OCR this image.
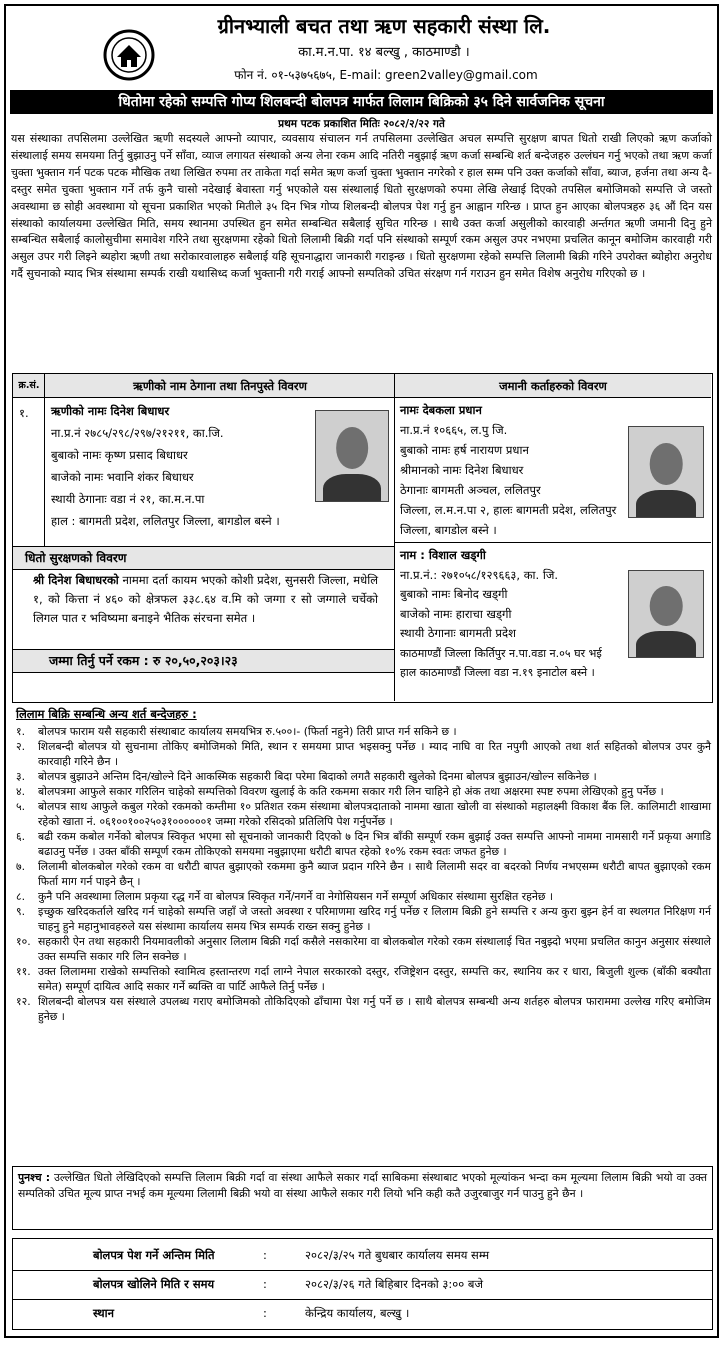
ग्रीनभ्याली बचत तथा ऋण सहकारी संस्था लि.
का.म.न.पा. १४ बल्खु , काठमाण्डौ ।
फोन नं. ०१-५३७५६७५, E-mail: green2valley@gmail.com
धितोमा रहेको सम्पत्ति गोप्य शिलबन्दी बोलपत्र मार्फत लिलाम बिक्रिको ३५ दिने सार्वजनिक सूचना
प्रथम पटक प्रकाशित मितिः २०८२/२/२२ गते
यस संस्थाका तपसिलमा उल्लेखित ऋणी सदस्यले आफ्नो व्यापार, व्यवसाय संचालन गर्न तपसिलमा उल्लेखित अचल सम्पत्ति सुरक्षण बापत धितो राखी लिएको ऋण कर्जाको संस्थालाई समय समयमा तिर्नु बुझाउनु पर्ने साँवा, व्याज लगायत संस्थाको अन्य लेना रकम आदि नतिरी नबुझाई ऋण कर्जा सम्बन्धि शर्त बन्देजहरु उल्लंघन गर्नु भएको तथा ऋण कर्जा चुक्ता भुक्तान गर्न पटक पटक मौखिक तथा लिखित रुपमा तर ताकेता गर्दा समेत ऋण कर्जा चुक्ता भुक्तान नगरेको र हाल सम्म पनि उक्त कर्जाको साँवा, ब्याज, हर्जना तथा अन्य दै-दस्तुर समेत चुक्ता भुक्तान गर्ने तर्फ कुनै चासो नदेखाई बेवास्ता गर्नु भएकोले यस संस्थालाई धितो सुरक्षणको रुपमा लेखि लेखाई दिएको तपसिल बमोजिमको सम्पत्ति जे जस्तो अवस्थामा छ सोही अवस्थामा यो सूचना प्रकाशित भएको मितीले ३५ दिन भित्र गोप्य शिलबन्दी बोलपत्र पेश गर्नु हुन आह्वान गरिन्छ । प्राप्त हुन आएका बोलपत्रहरु ३६ औं दिन यस संस्थाको कार्यालयमा उल्लेखित मिति, समय स्थानमा उपस्थित हुन समेत सम्बन्धित सबैलाई सुचित गरिन्छ । साथै उक्त कर्जा असुलीको कारवाही अर्न्तगत ऋणी जमानी दिनु हुने सम्बन्धित सबैलाई कालोसुचीमा समावेश गरिने तथा सुरक्षणमा रहेको धितो लिलामी बिक्री गर्दा पनि संस्थाको सम्पूर्ण रकम असुल उपर नभएमा प्रचलित कानून बमोजिम कारवाही गरी असुल उपर गरी लिइने ब्यहोरा ऋणी तथा सरोकारवालाहरु सबैलाई यहि सूचनाद्धारा जानकारी गराइन्छ । धितो सुरक्षणमा रहेको सम्पत्ति लिलामी बिक्री गरिने उपरोक्त ब्योहोरा अनुरोध गर्दै सुचनाको म्याद भित्र संस्थामा सम्पर्क राखी यथासिध्द कर्जा भुक्तानी गरी गराई आफ्नो सम्पतिको उचित संरक्षण गर्न गराउन हुन समेत विशेष अनुरोध गरिएको छ ।
क्र.सं.	ऋणीको नाम ठेगाना तथा तिनपुस्ते विवरण	जमानी कर्ताहरुको विवरण
१. ऋणीको नामः दिनेश बिधाधर
ना.प्र.नं २७८५/२९८/२९७/२१२११, का.जि.
बुबाको नामः कृष्ण प्रसाद बिधाधर
बाजेको नामः भवानि शंकर बिधाधर
स्थायी ठेगानाः वडा नं २१, का.म.न.पा
हाल : बागमती प्रदेश, ललितपुर जिल्ला, बागडोल बस्ने ।
धितो सुरक्षणको विवरण
श्री दिनेश बिधाधरको नाममा दर्ता कायम भएको कोशी प्रदेश, सुनसरी जिल्ला, मधेलि १, को कित्ता नं ४६० को क्षेत्रफल ३३८.६४ व.मि को जग्गा र सो जग्गाले चर्चेको लिगल पात र भविष्यमा बनाइने भैतिक संरचना समेत ।
जम्मा तिर्नु पर्ने रकम : रु २०,५०,२०३।२३
नामः देबकला प्रधान
ना.प्र.नं १०६६५, ल.पु जि.
बुबाको नामः हर्ष नारायण प्रधान
श्रीमानको नामः दिनेश बिधाधर
ठेगानाः बागमती अञ्चल, ललितपुर
जिल्ला, ल.म.न.पा २, हालः बागमती प्रदेश, ललितपुर
जिल्ला, बागडोल बस्ने ।
नाम : विशाल खड्गी
ना.प्र.नं.: २७१०५८/१२९६६३, का. जि.
बुबाको नामः बिनोद खड्गी
बाजेको नामः हाराचा खड्गी
स्थायी ठेगानाः बागमती प्रदेश
काठमाण्डौं जिल्ला किर्तिपुर न.पा.वडा न.०५ घर भई
हाल काठमाण्डौं जिल्ला वडा न.१९ इनाटोल बस्ने ।
लिलाम बिक्रि सम्बन्धि अन्य शर्त बन्देजहरु :
१.	बोलपत्र फाराम यसै सहकारी संस्थाबाट कार्यालय समयभित्र रु.५००।- (फिर्ता नहुने) तिरी प्राप्त गर्न सकिने छ ।
२.	शिलबन्दी बोलपत्र यो सुचनामा तोकिए बमोजिमको मिति, स्थान र समयमा प्राप्त भइसक्नु पर्नेछ । म्याद नाघि वा रित नपुगी आएको तथा शर्त सहितको बोलपत्र उपर कुनै कारवाही गरिने छैन ।
३.	बोलपत्र बुझाउने अन्तिम दिन/खोल्ने दिने आकस्मिक सहकारी बिदा परेमा बिदाको लगतै सहकारी खुलेको दिनमा बोलपत्र बुझाउन/खोल्न सकिनेछ ।
४.	बोलपत्रमा आफुले सकार गरिलिन चाहेको सम्पत्तिको विवरण खुलाई के कति रकममा सकार गरी लिन चाहिने हो अंक तथा अक्षरमा स्पष्ट रुपमा लेखिएको हुनु पर्नेछ ।
५.	बोलपत्र साथ आफुले कबुल गरेको रकमको कम्तीमा १० प्रतिशत रकम संस्थामा बोलपत्रदाताको नाममा खाता खोली वा संस्थाको महालक्ष्मी विकाश बैंक लि. कालिमाटी शाखामा रहेको खाता नं. ०६१००१००२५०३१००००००१ जम्मा गरेको रसिदको प्रतिलिपि पेश गर्नुपर्नेछ ।
६.	बढी रकम कबोल गर्नेको बोलपत्र स्विकृत भएमा सो सूचनाको जानकारी दिएको ७ दिन भित्र बाँकी सम्पूर्ण रकम बुझाई उक्त सम्पत्ति आफ्नो नाममा नामसारी गर्ने प्रकृया अगाडि बढाउनु पर्नेछ । उक्त बाँकी सम्पूर्ण रकम तोकिएको समयमा नबुझाएमा धरौटी बापत रहेको १०% रकम स्वतः जफत हुनेछ ।
७.	लिलामी बोलकबोल गरेको रकम वा धरौटी बापत बुझाएको रकममा कुनै ब्याज प्रदान गरिने छैन । साथै लिलामी सदर वा बदरको निर्णय नभएसम्म धरौटी बापत बुझाएको रकम फिर्ता माग गर्न पाइने छैन् ।
८.	कुनै पनि अवस्थामा लिलाम प्रकृया रद्ध गर्ने वा बोलपत्र स्विकृत गर्ने/नगर्ने वा नेगोसियसन गर्ने सम्पूर्ण अधिकार संस्थामा सुरक्षित रहनेछ ।
९.	इच्छुक खरिदकर्ताले खरिद गर्न चाहेको सम्पत्ति जहाँ जे जस्तो अवस्था र परिमाणमा खरिद गर्नु पर्नेछ र लिलाम बिक्री हुने सम्पत्ति र अन्य कुरा बुझ्न हेर्न वा स्थलगत निरिक्षण गर्न चाहनु हुने महानुभावहरुले यस संस्थामा कार्यालय समय भित्र सम्पर्क राख्न सक्नु हुनेछ ।
१०. सहकारी ऐन तथा सहकारी नियमावलीको अनुसार लिलाम बिक्री गर्दा कसैले नसकारेमा वा बोलकबोल गरेको रकम संस्थालाई चित नबुझ्दो भएमा प्रचलित कानुन अनुसार संस्थाले उक्त सम्पत्ति सकार गरि लिन सक्नेछ ।
११. उक्त लिलाममा राखेको सम्पत्तिको स्वामित्व हस्तान्तरण गर्दा लाग्ने नेपाल सरकारको दस्तुर, रजिष्ट्रेशन दस्तुर, सम्पत्ति कर, स्थानिय कर र धारा, बिजुली शुल्क (बाँकी बक्यौता समेत) सम्पूर्ण दायित्व आदि सकार गर्ने ब्यक्ति वा पार्टि आफैले तिर्नु पर्नेछ ।
१२. शिलबन्दी बोलपत्र यस संस्थाले उपलब्ध गराए बमोजिमको तोकिदिएको ढाँचामा पेश गर्नु पर्ने छ । साथै बोलपत्र सम्बन्धी अन्य शर्तहरु बोलपत्र फाराममा उल्लेख गरिए बमोजिम हुनेछ ।
पुनश्च : उल्लेखित धितो लेखिदिएको सम्पत्ति लिलाम बिक्री गर्दा वा संस्था आफैले सकार गर्दा साबिकमा संस्थाबाट भएको मूल्यांकन भन्दा कम मूल्यमा लिलाम बिक्री भयो वा उक्त सम्पतिको उचित मूल्य प्राप्त नभई कम मूल्यमा लिलामी बिक्री भयो वा संस्था आफैले सकार गरी लियो भनि कही कतै उजुरबाजुर गर्न पाउनु हुने छैन ।
बोलपत्र पेश गर्ने अन्तिम मिति	:	२०८२/३/२५ गते बुधबार कार्यालय समय सम्म
बोलपत्र खोलिने मिति र समय	:	२०८२/३/२६ गते बिहिबार दिनको ३:०० बजे
स्थान	:	केन्द्रिय कार्यालय, बल्खु ।
